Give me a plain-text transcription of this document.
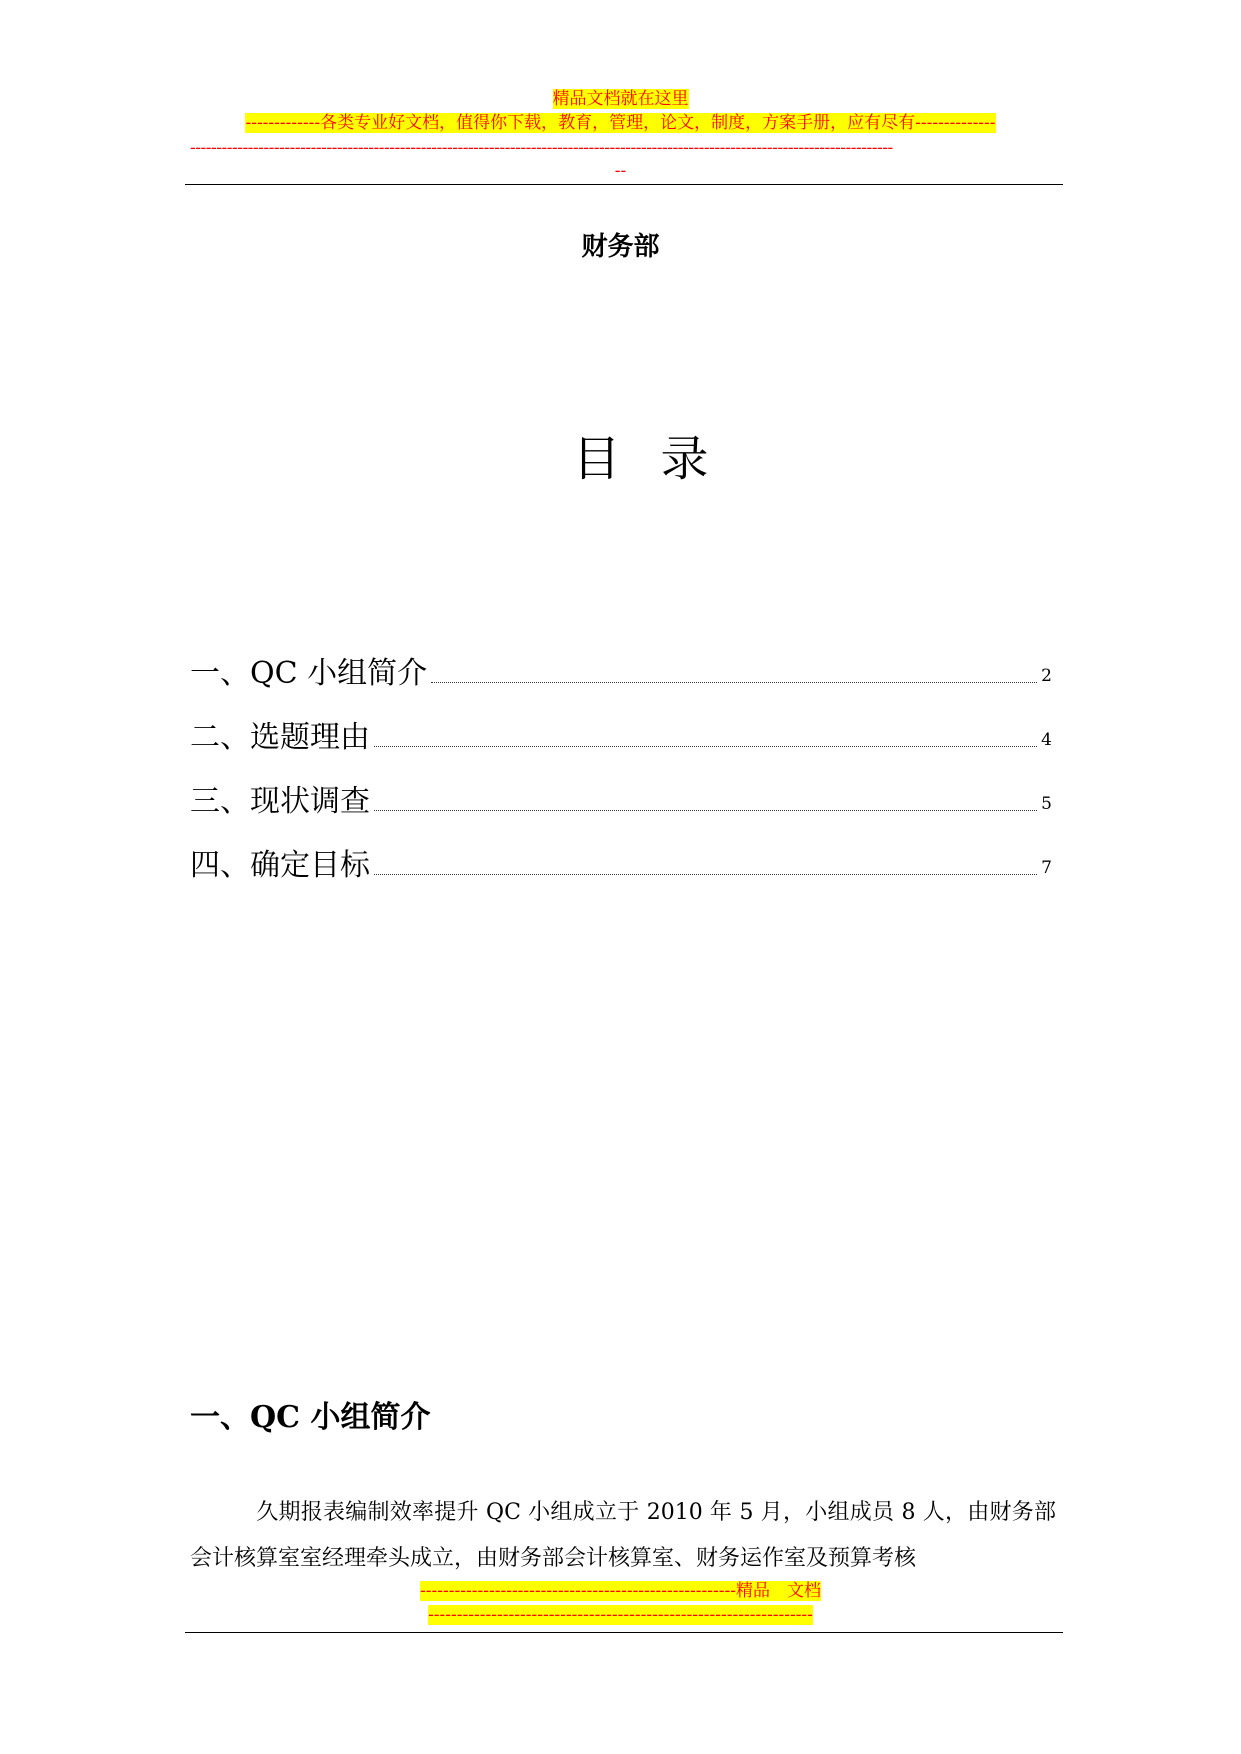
精品文档就在这里
-------------各类专业好文档，值得你下载，教育，管理，论文，制度，方案手册，应有尽有--------------
--------------------------------------------------------------------------------------------------------------------------------------
--
财务部
目录
一、QC 小组简介	2
二、选题理由	4
三、现状调查	5
四、确定目标	7
一、QC 小组简介
久期报表编制效率提升 QC 小组成立于 2010 年 5 月，小组成员 8 人，由财务部会计核算室室经理牵头成立，由财务部会计核算室、财务运作室及预算考核
-------------------------------------------------------精品　文档
-------------------------------------------------------------------
